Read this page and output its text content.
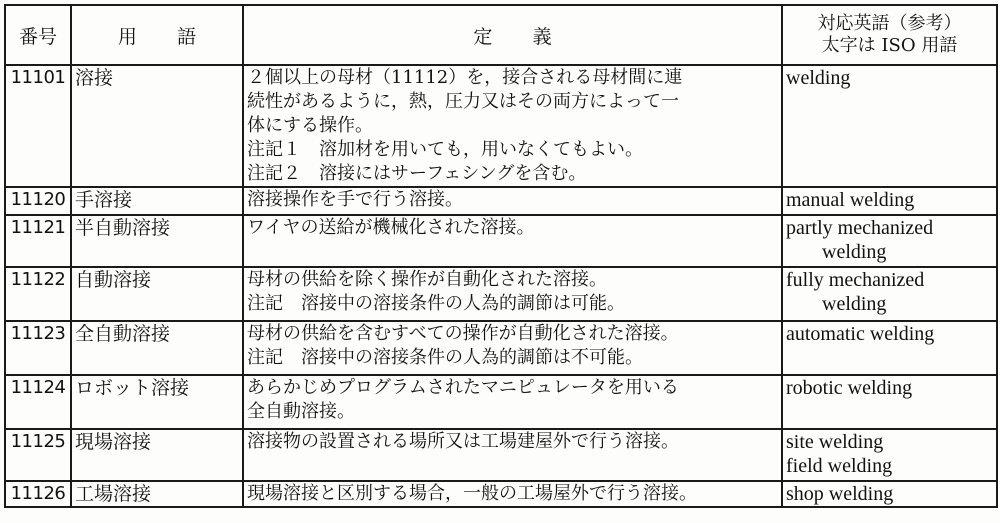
番号	用 語	定 義	対応英語（参考）
太字は ISO 用語

11101	溶接	２個以上の母材（11112）を，接合される母材間に連
続性があるように，熱，圧力又はその両方によって一
体にする操作。
注記１　溶加材を用いても，用いなくてもよい。
注記２　溶接にはサーフェシングを含む。	welding

11120	手溶接	溶接操作を手で行う溶接。	manual welding

11121	半自動溶接	ワイヤの送給が機械化された溶接。	partly mechanized
welding

11122	自動溶接	母材の供給を除く操作が自動化された溶接。
注記　溶接中の溶接条件の人為的調節は可能。	fully mechanized
welding

11123	全自動溶接	母材の供給を含むすべての操作が自動化された溶接。
注記　溶接中の溶接条件の人為的調節は不可能。	automatic welding

11124	ロボット溶接	あらかじめプログラムされたマニピュレータを用いる
全自動溶接。	robotic welding

11125	現場溶接	溶接物の設置される場所又は工場建屋外で行う溶接。	site welding
field welding

11126	工場溶接	現場溶接と区別する場合，一般の工場屋外で行う溶接。	shop welding
